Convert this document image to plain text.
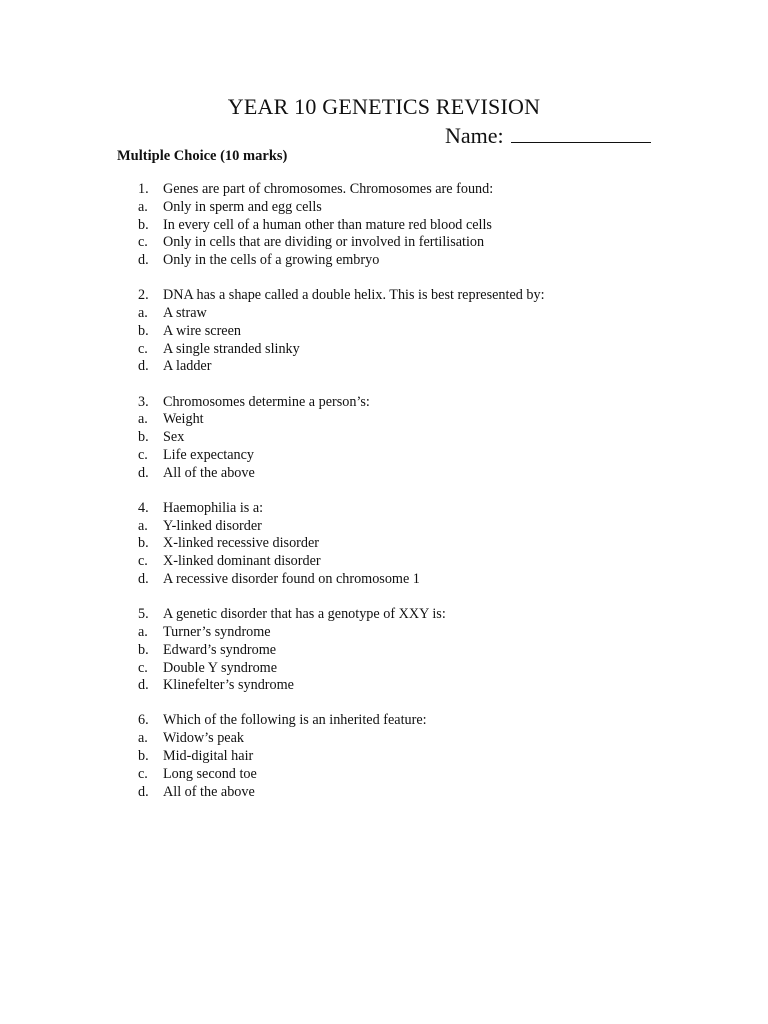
YEAR 10 GENETICS REVISION
Name:
Multiple Choice (10 marks)
1.	Genes are part of chromosomes. Chromosomes are found:
a.	Only in sperm and egg cells
b.	In every cell of a human other than mature red blood cells
c.	Only in cells that are dividing or involved in fertilisation
d.	Only in the cells of a growing embryo
2.	DNA has a shape called a double helix. This is best represented by:
a.	A straw
b.	A wire screen
c.	A single stranded slinky
d.	A ladder
3.	Chromosomes determine a person’s:
a.	Weight
b.	Sex
c.	Life expectancy
d.	All of the above
4.	Haemophilia is a:
a.	Y-linked disorder
b.	X-linked recessive disorder
c.	X-linked dominant disorder
d.	A recessive disorder found on chromosome 1
5.	A genetic disorder that has a genotype of XXY is:
a.	Turner’s syndrome
b.	Edward’s syndrome
c.	Double Y syndrome
d.	Klinefelter’s syndrome
6.	Which of the following is an inherited feature:
a.	Widow’s peak
b.	Mid-digital hair
c.	Long second toe
d.	All of the above
